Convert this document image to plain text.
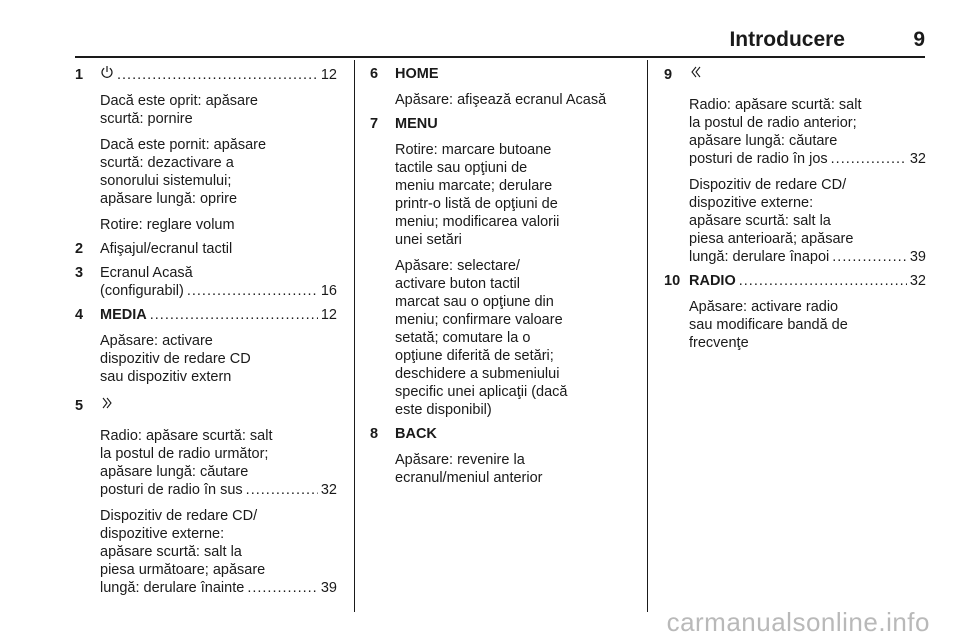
Introducere	9
1 .....	12
Dacă este oprit: apăsare
scurtă: pornire
Dacă este pornit: apăsare
scurtă: dezactivare a
sonorului sistemului;
apăsare lungă: oprire
Rotire: reglare volum
2	Afişajul/ecranul tactil
3	Ecranul Acasă
(configurabil) .....	16
4	MEDIA .....	12
Apăsare: activare
dispozitiv de redare CD
sau dispozitiv extern
5
Radio: apăsare scurtă: salt
la postul de radio următor;
apăsare lungă: căutare
posturi de radio în sus .....	32
Dispozitiv de redare CD/
dispozitive externe:
apăsare scurtă: salt la
piesa următoare; apăsare
lungă: derulare înainte .....	39
6	HOME
Apăsare: afişează ecranul Acasă
7	MENU
Rotire: marcare butoane
tactile sau opţiuni de
meniu marcate; derulare
printr-o listă de opţiuni de
meniu; modificarea valorii
unei setări
Apăsare: selectare/
activare buton tactil
marcat sau o opţiune din
meniu; confirmare valoare
setată; comutare la o
opţiune diferită de setări;
deschidere a submeniului
specific unei aplicaţii (dacă
este disponibil)
8	BACK
Apăsare: revenire la
ecranul/meniul anterior
9
Radio: apăsare scurtă: salt
la postul de radio anterior;
apăsare lungă: căutare
posturi de radio în jos .....	32
Dispozitiv de redare CD/
dispozitive externe:
apăsare scurtă: salt la
piesa anterioară; apăsare
lungă: derulare înapoi .....	39
10 RADIO .....	32
Apăsare: activare radio
sau modificare bandă de
frecvenţe
carmanualsonline.info
